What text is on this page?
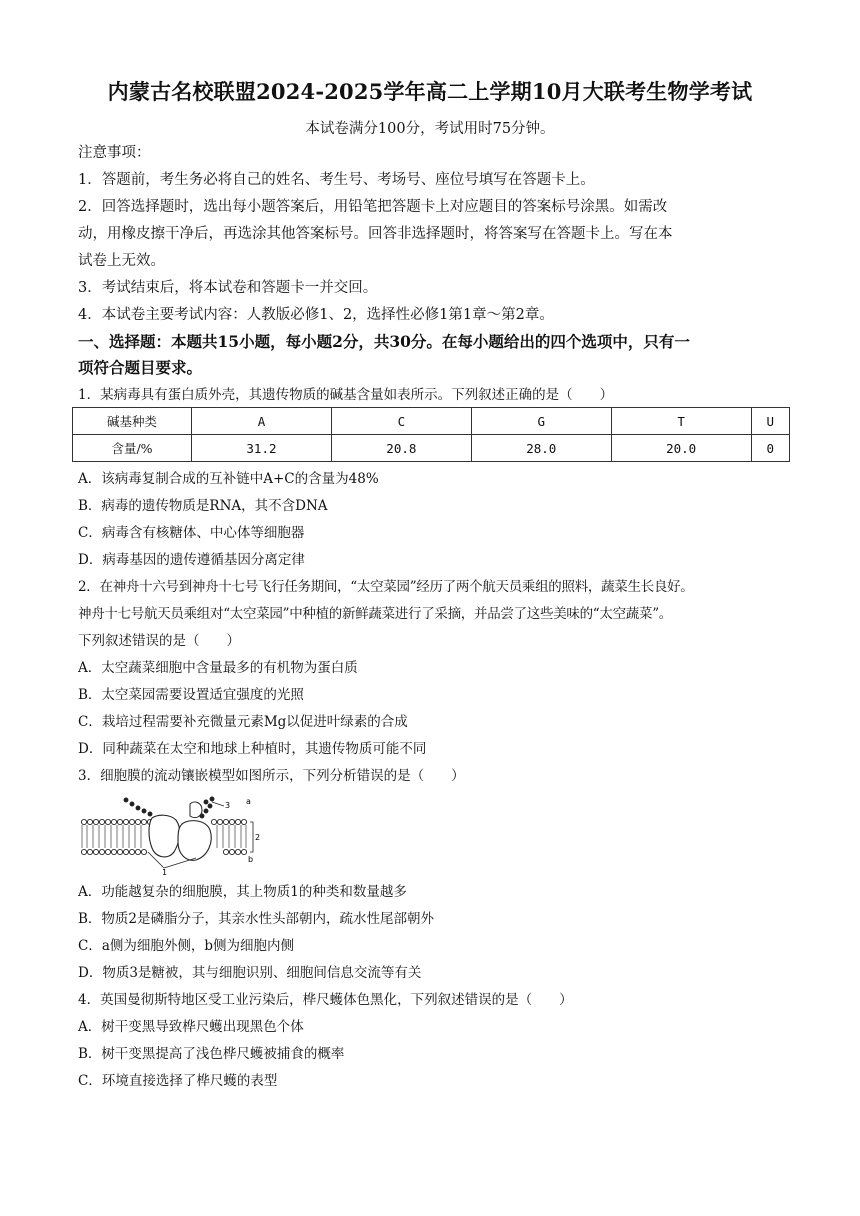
内蒙古名校联盟2024-2025学年高二上学期10月大联考生物学考试
本试卷满分100分，考试用时75分钟。
注意事项：
1．答题前，考生务必将自己的姓名、考生号、考场号、座位号填写在答题卡上。
2．回答选择题时，选出每小题答案后，用铅笔把答题卡上对应题目的答案标号涂黑。如需改
动，用橡皮擦干净后，再选涂其他答案标号。回答非选择题时，将答案写在答题卡上。写在本
试卷上无效。
3．考试结束后，将本试卷和答题卡一并交回。
4．本试卷主要考试内容：人教版必修1、2，选择性必修1第1章～第2章。
一、选择题：本题共15小题，每小题2分，共30分。在每小题给出的四个选项中，只有一
项符合题目要求。
1．某病毒具有蛋白质外壳，其遗传物质的碱基含量如表所示。下列叙述正确的是（　　）
碱基种类	A	C	G	T	U
含量/%	31.2	20.8	28.0	20.0	0
A．该病毒复制合成的互补链中A+C的含量为48%
B．病毒的遗传物质是RNA，其不含DNA
C．病毒含有核糖体、中心体等细胞器
D．病毒基因的遗传遵循基因分离定律
2．在神舟十六号到神舟十七号飞行任务期间，“太空菜园”经历了两个航天员乘组的照料，蔬菜生长良好。
神舟十七号航天员乘组对“太空菜园”中种植的新鲜蔬菜进行了采摘，并品尝了这些美味的“太空蔬菜”。
下列叙述错误的是（　　）
A．太空蔬菜细胞中含量最多的有机物为蛋白质
B．太空菜园需要设置适宜强度的光照
C．栽培过程需要补充微量元素Mg以促进叶绿素的合成
D．同种蔬菜在太空和地球上种植时，其遗传物质可能不同
3．细胞膜的流动镶嵌模型如图所示，下列分析错误的是（　　）
3 a
2
b
1
A．功能越复杂的细胞膜，其上物质1的种类和数量越多
B．物质2是磷脂分子，其亲水性头部朝内，疏水性尾部朝外
C．a侧为细胞外侧，b侧为细胞内侧
D．物质3是糖被，其与细胞识别、细胞间信息交流等有关
4．英国曼彻斯特地区受工业污染后，桦尺蠖体色黑化，下列叙述错误的是（　　）
A．树干变黑导致桦尺蠖出现黑色个体
B．树干变黑提高了浅色桦尺蠖被捕食的概率
C．环境直接选择了桦尺蠖的表型
